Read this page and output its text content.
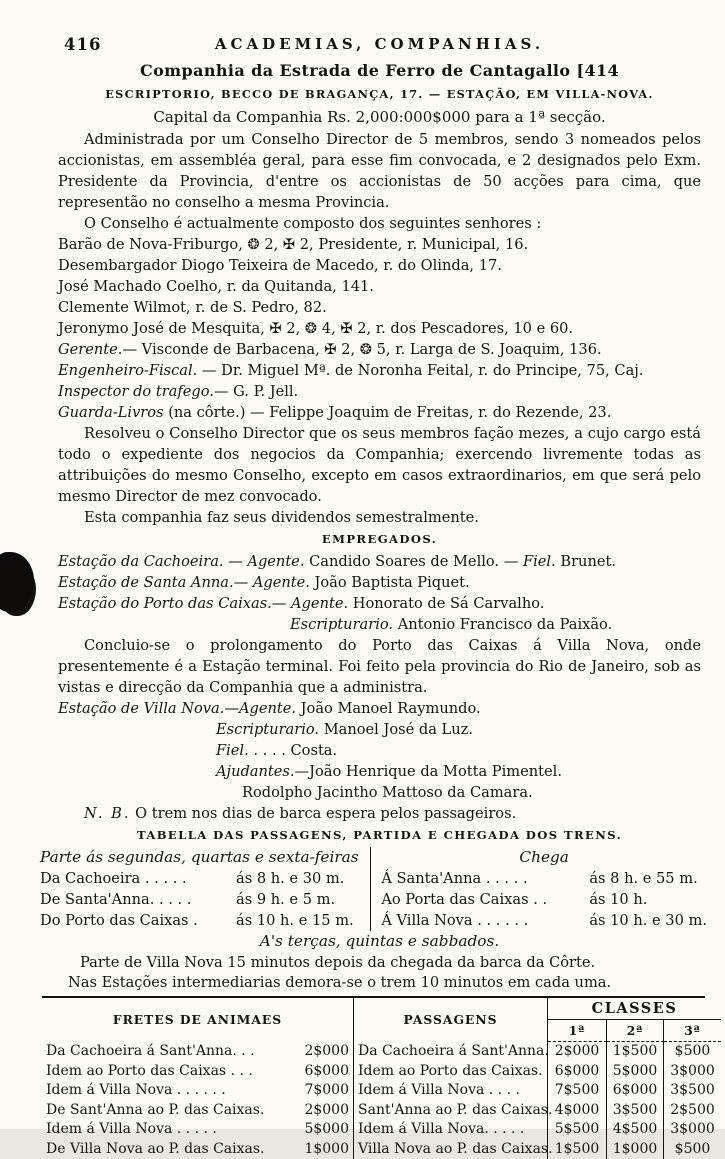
416	ACADEMIAS, COMPANHIAS.
Companhia da Estrada de Ferro de Cantagallo [414
ESCRIPTORIO, BECCO DE BRAGANÇA, 17. — ESTAÇÃO, EM VILLA-NOVA.
Capital da Companhia Rs. 2,000:000$000 para a 1ª secção.

Administrada por um Conselho Director de 5 membros, sendo 3 nomeados pelos accionistas, em assembléa geral, para esse fim convocada, e 2 designados pelo Exm. Presidente da Provincia, d'entre os accionistas de 50 acções para cima, que representão no conselho a mesma Provincia.

O Conselho é actualmente composto dos seguintes senhores :

Barão de Nova-Friburgo, ❂ 2, ✠ 2, Presidente, r. Municipal, 16.
Desembargador Diogo Teixeira de Macedo, r. do Olinda, 17.
José Machado Coelho, r. da Quitanda, 141.
Clemente Wilmot, r. de S. Pedro, 82.
Jeronymo José de Mesquita, ✠ 2, ❂ 4, ✠ 2, r. dos Pescadores, 10 e 60.
Gerente.— Visconde de Barbacena, ✠ 2, ❂ 5, r. Larga de S. Joaquim, 136.
Engenheiro-Fiscal. — Dr. Miguel Mª. de Noronha Feital, r. do Principe, 75, Caj.
Inspector do trafego.— G. P. Jell.
Guarda-Livros (na côrte.) — Felippe Joaquim de Freitas, r. do Rezende, 23.

Resolveu o Conselho Director que os seus membros fação mezes, a cujo cargo está todo o expediente dos negocios da Companhia; exercendo livremente todas as attribuições do mesmo Conselho, excepto em casos extraordinarios, em que será pelo mesmo Director de mez convocado.

Esta companhia faz seus dividendos semestralmente.

EMPREGADOS.
Estação da Cachoeira. — Agente. Candido Soares de Mello. — Fiel. Brunet.
Estação de Santa Anna.— Agente. João Baptista Piquet.
Estação do Porto das Caixas.— Agente. Honorato de Sá Carvalho.
Escripturario. Antonio Francisco da Paixão.

Concluio-se o prolongamento do Porto das Caixas á Villa Nova, onde presentemente é a Estação terminal. Foi feito pela provincia do Rio de Janeiro, sob as vistas e direcção da Companhia que a administra.

Estação de Villa Nova.—Agente. João Manoel Raymundo.
Escripturario. Manoel José da Luz.
Fiel. . . . . Costa.
Ajudantes.—João Henrique da Motta Pimentel.
Rodolpho Jacintho Mattoso da Camara.
N. B. O trem nos dias de barca espera pelos passageiros.
TABELLA DAS PASSAGENS, PARTIDA E CHEGADA DOS TRENS.
Parte ás segundas, quartas e sexta-feiras
Da Cachoeira . . . . .	ás 8 h. e 30 m.
De Santa'Anna. . . . .	ás 9 h. e 5 m.
Do Porto das Caixas .	ás 10 h. e 15 m.
Chega
Á Santa'Anna . . . . .	ás 8 h. e 55 m.
Ao Porta das Caixas . .	ás 10 h.
Á Villa Nova . . . . . .	ás 10 h. e 30 m.
A's terças, quintas e sabbados.
Parte de Villa Nova 15 minutos depois da chegada da barca da Côrte.
Nas Estações intermediarias demora-se o trem 10 minutos em cada uma.
FRETES DE ANIMAES	PASSAGENS
CLASSES
1ª	2ª	3ª
Da Cachoeira á Sant'Anna. . .	2$000 Da Cachoeira á Sant'Anna. 2$000 1$500	$500
Idem ao Porto das Caixas . . .	6$000 Idem ao Porto das Caixas. 6$000 5$000 3$000
Idem á Villa Nova . . . . . .	7$000 Idem á Villa Nova . . . .	7$500 6$000 3$500
De Sant'Anna ao P. das Caixas.	2$000 Sant'Anna ao P. das Caixas. 4$000 3$500 2$500
Idem á Villa Nova . . . . .	5$000 Idem á Villa Nova. . . . .	5$500 4$500 3$000
De Villa Nova ao P. das Caixas.	1$000 Villa Nova ao P. das Caixas. 1$500 1$000	$500
